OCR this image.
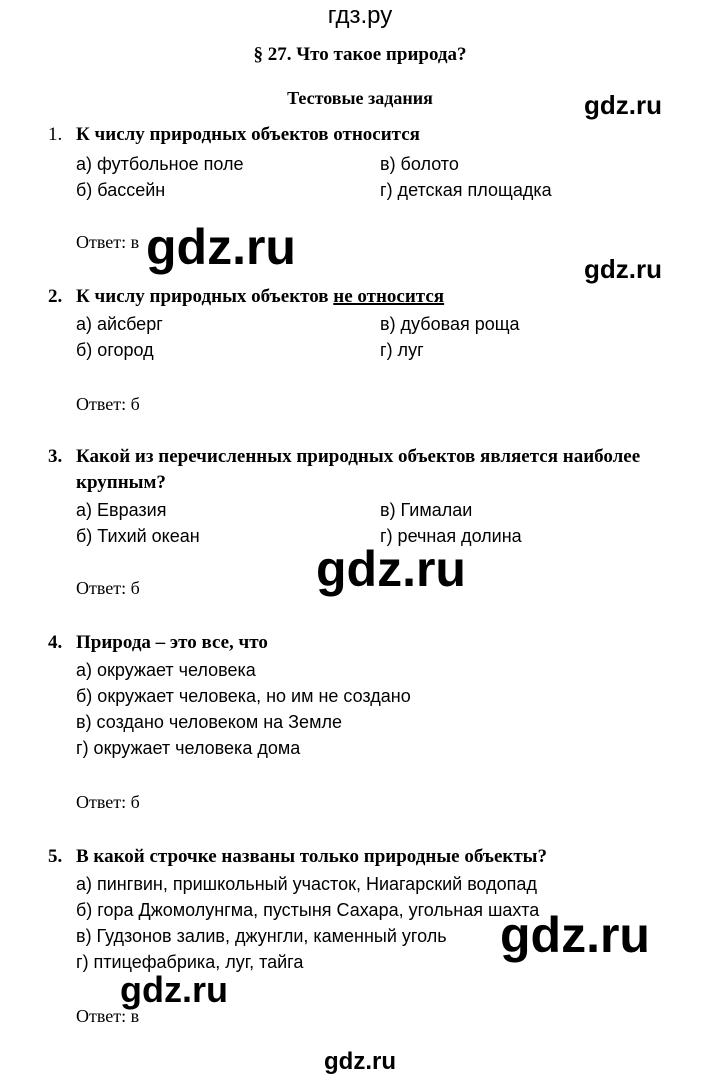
гдз.ру
§ 27. Что такое природа?
Тестовые задания
1. К числу природных объектов относится
а) футбольное поле
б) бассейн
в) болото
г) детская площадка
Ответ: в
2. К числу природных объектов не относится
а) айсберг
б) огород
в) дубовая роща
г) луг
Ответ: б
3. Какой из перечисленных природных объектов является наиболее
крупным?
а) Евразия
б) Тихий океан
в) Гималаи
г) речная долина
Ответ: б
4. Природа – это все, что
а) окружает человека
б) окружает человека, но им не создано
в) создано человеком на Земле
г) окружает человека дома
Ответ: б
5. В какой строчке названы только природные объекты?
а) пингвин, пришкольный участок, Ниагарский водопад
б) гора Джомолунгма, пустыня Сахара, угольная шахта
в) Гудзонов залив, джунгли, каменный уголь
г) птицефабрика, луг, тайга
Ответ: в
gdz.ru
gdz.ru	gdz.ru
gdz.ru
gdz.ru
gdz.ru
gdz.ru
